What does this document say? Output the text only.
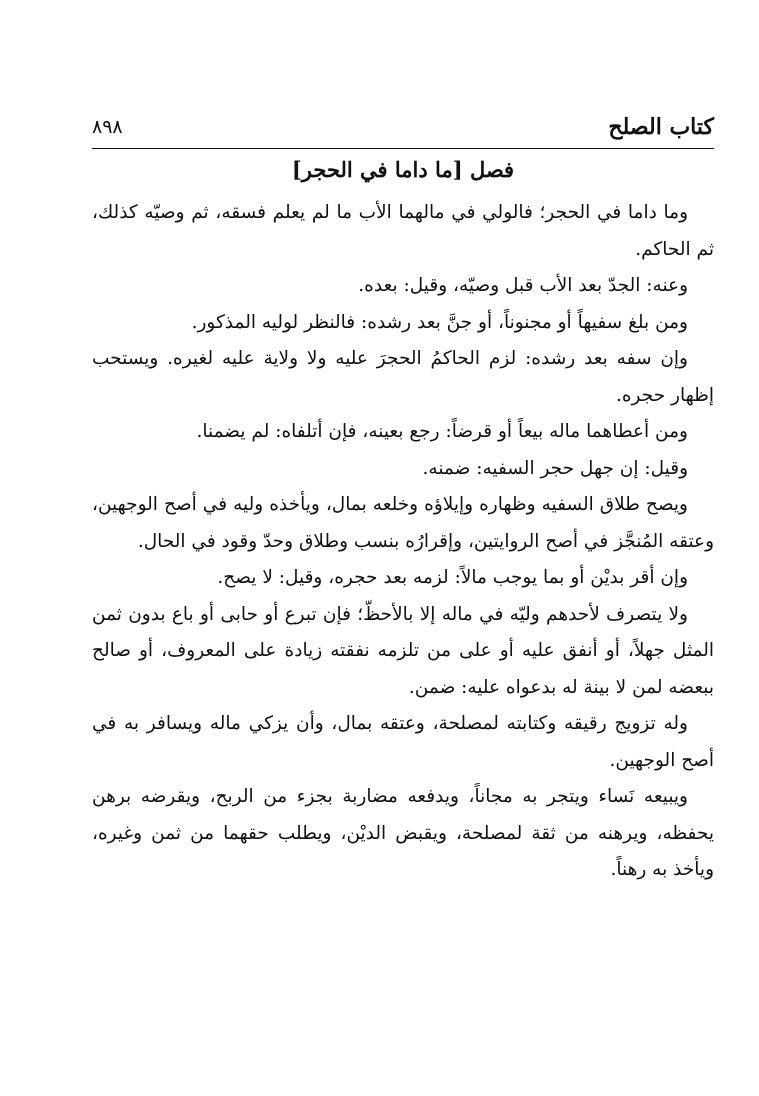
كتاب الصلح
٨٩٨
فصل [ما داما في الحجر]

وما داما في الحجر؛ فالولي في مالهما الأب ما لم يعلم فسقه، ثم وصيّه كذلك، ثم الحاكم.

وعنه: الجدّ بعد الأب قبل وصيّه، وقيل: بعده.

ومن بلغ سفيهاً أو مجنوناً، أو جنَّ بعد رشده: فالنظر لوليه المذكور.

وإن سفه بعد رشده: لزم الحاكمُ الحجرَ عليه ولا ولاية عليه لغيره. ويستحب إظهار حجره.

ومن أعطاهما ماله بيعاً أو قرضاً: رجع بعينه، فإن أتلفاه: لم يضمنا.

وقيل: إن جهل حجر السفيه: ضمنه.

ويصح طلاق السفيه وظهاره وإيلاؤه وخلعه بمال، ويأخذه وليه في أصح الوجهين، وعتقه المُنجَّز في أصح الروايتين، وإقرارُه بنسب وطلاق وحدّ وقود في الحال.

وإن أقر بديْن أو بما يوجب مالاً: لزمه بعد حجره، وقيل: لا يصح.

ولا يتصرف لأحدهم وليّه في ماله إلا بالأحظّ؛ فإن تبرع أو حابى أو باع بدون ثمن المثل جهلاً، أو أنفق عليه أو على من تلزمه نفقته زيادة على المعروف، أو صالح ببعضه لمن لا بينة له بدعواه عليه: ضمن.

وله تزويج رقيقه وكتابته لمصلحة، وعتقه بمال، وأن يزكي ماله ويسافر به في أصح الوجهين.

ويبيعه نَساء ويتجر به مجاناً، ويدفعه مضاربة بجزء من الربح، ويقرضه برهن يحفظه، ويرهنه من ثقة لمصلحة، ويقبض الديْن، ويطلب حقهما من ثمن وغيره، ويأخذ به رهناً.
